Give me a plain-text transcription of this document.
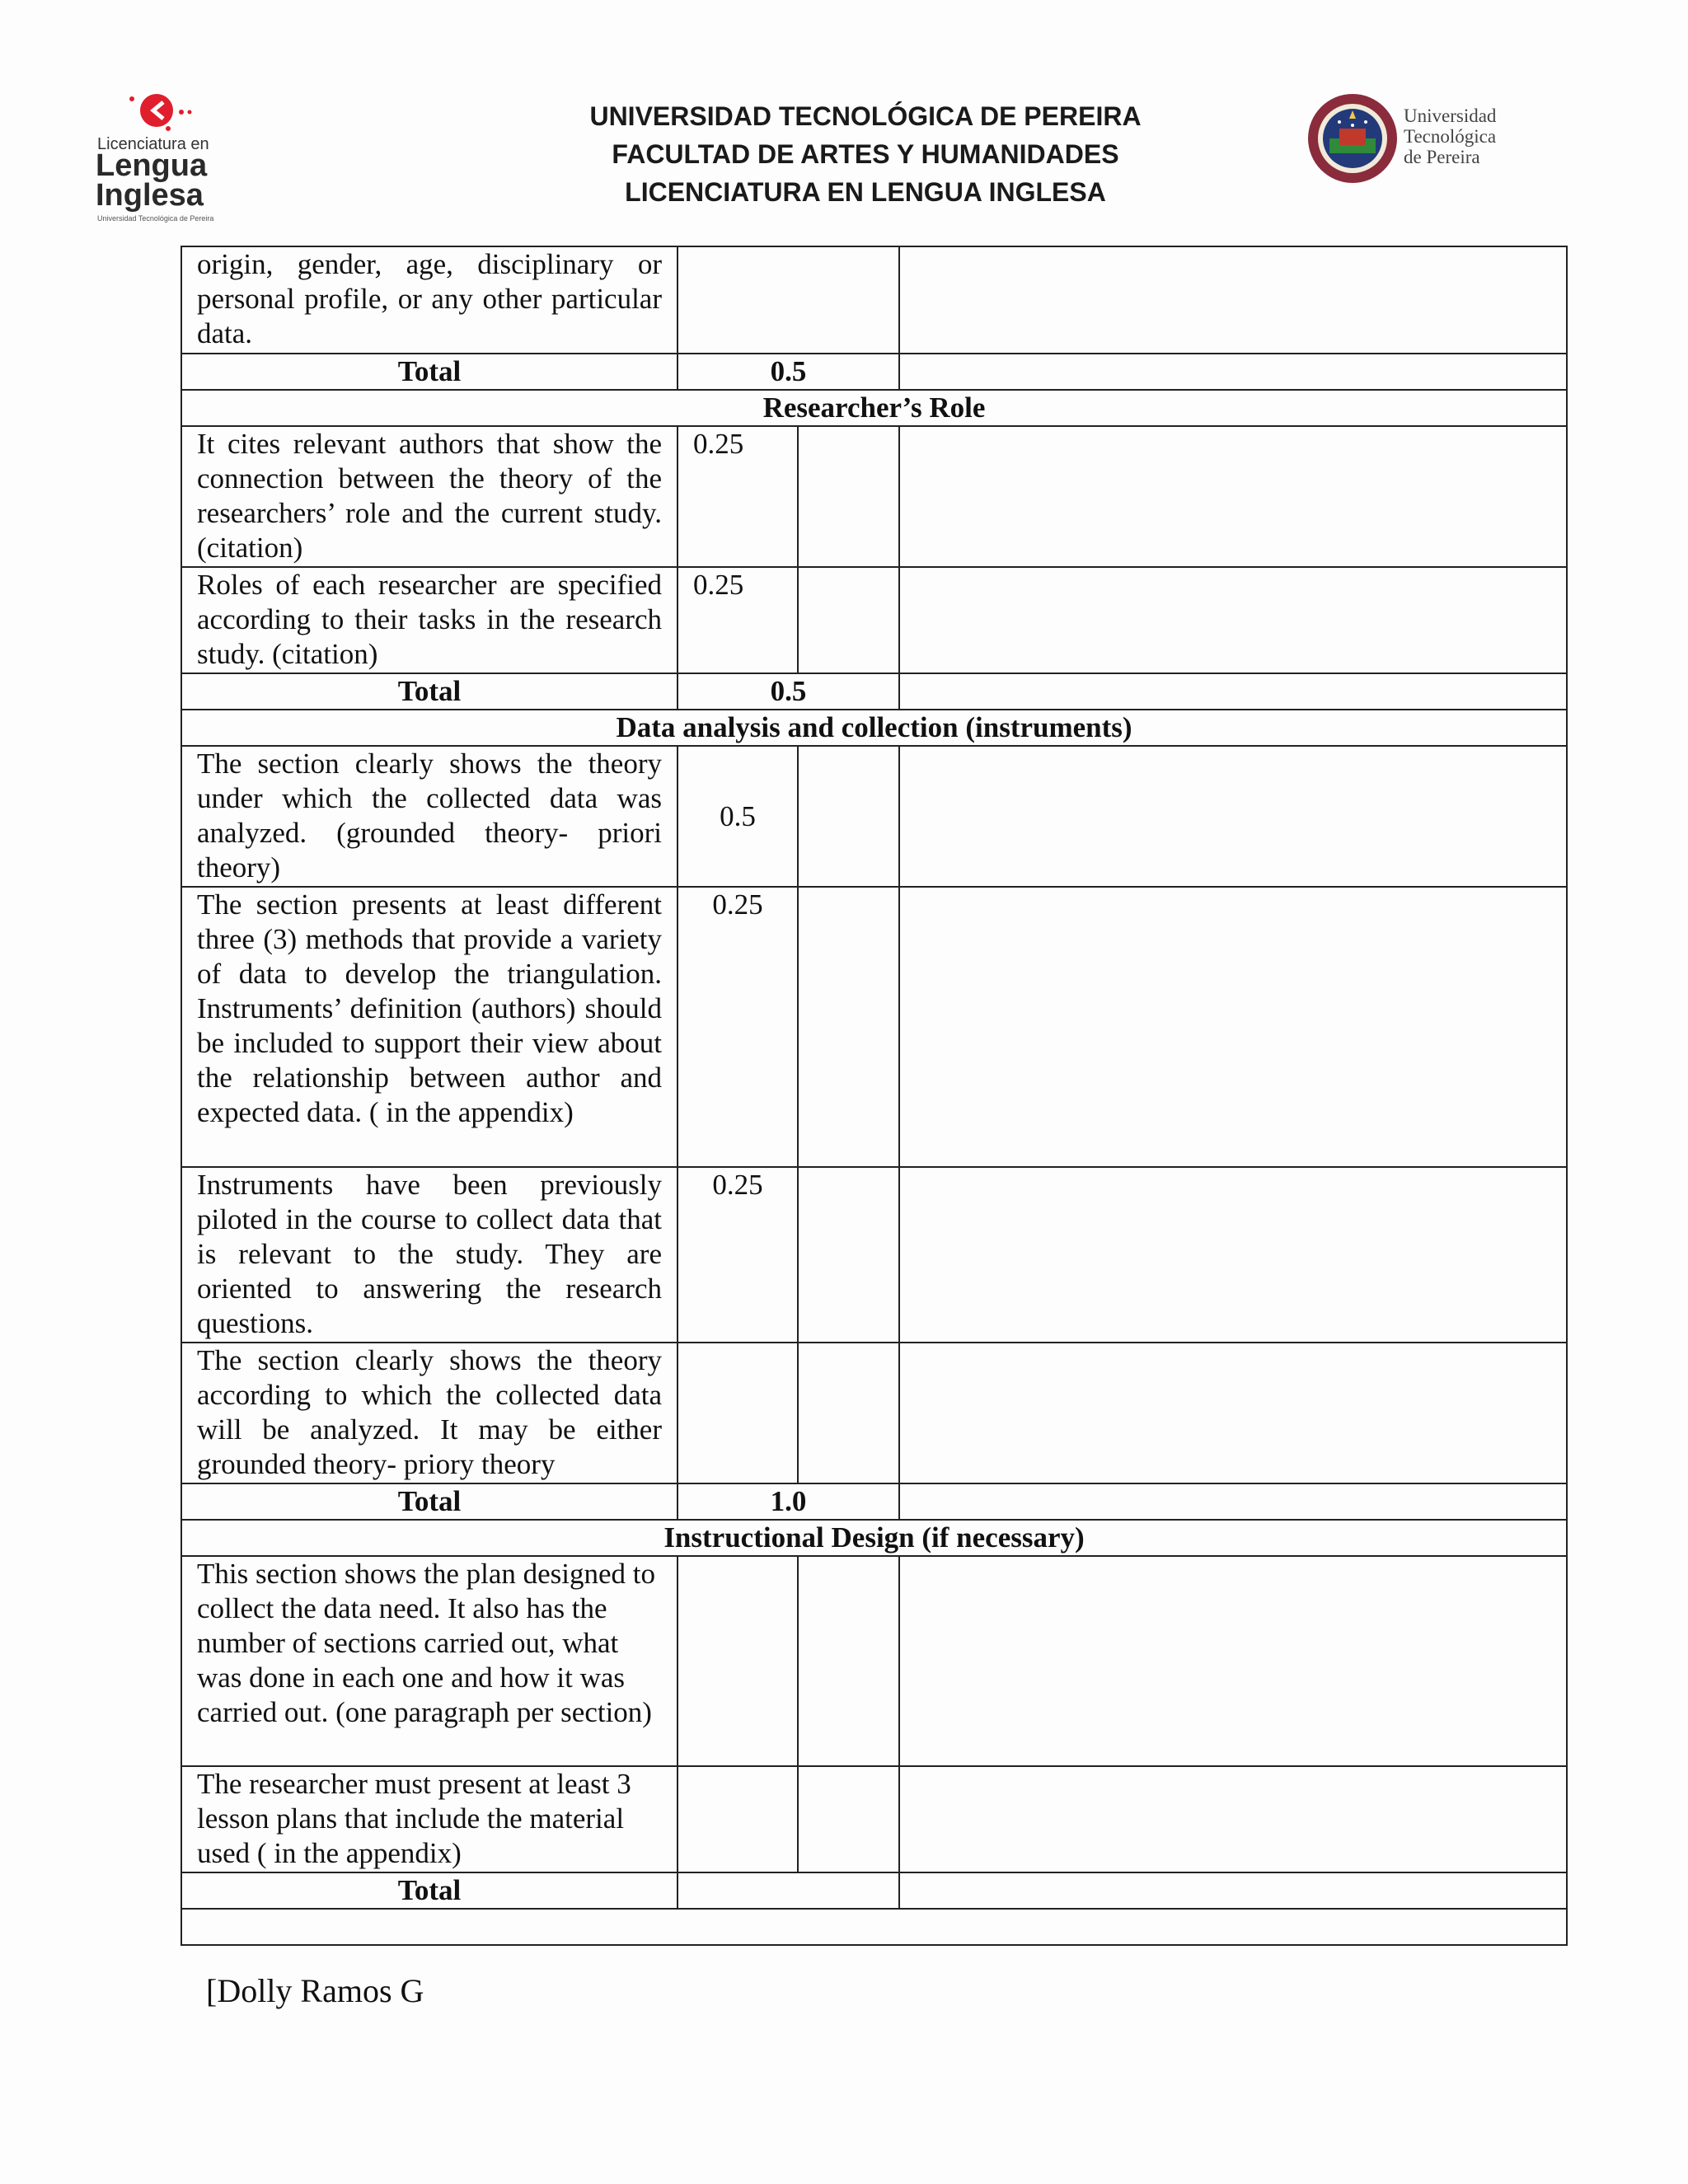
Licenciatura en
Lengua
Inglesa
Universidad Tecnológica de Pereira
UNIVERSIDAD TECNOLÓGICA DE PEREIRA
FACULTAD DE ARTES Y HUMANIDADES
LICENCIATURA EN LENGUA INGLESA
Universidad
Tecnológica
de Pereira
origin, gender, age, disciplinary or personal profile, or any other particular data.			
Total	0.5		
Researcher’s Role			
It cites relevant authors that show the connection between the theory of the researchers’ role and the current study. (citation)	0.25		
Roles of each researcher are specified according to their tasks in the research study. (citation)	0.25		
Total	0.5		
Data analysis and collection (instruments)			
The section clearly shows the theory under which the collected data was analyzed. (grounded theory- priori theory)	0.5		
The section presents at least different three (3) methods that provide a variety of data to develop the triangulation. Instruments’ definition (authors) should be included to support their view about the relationship between author and expected data. ( in the appendix)	0.25		
Instruments have been previously piloted in the course to collect data that is relevant to the study. They are oriented to answering the research questions.	0.25		
The section clearly shows the theory according to which the collected data will be analyzed. It may be either grounded theory- priory theory			
Total	1.0		
Instructional Design (if necessary)			
This section shows the plan designed to collect the data need. It also has the number of sections carried out, what was done in each one and how it was carried out. (one paragraph per section)			
The researcher must present at least 3 lesson plans that include the material used ( in the appendix)			
Total			

[Dolly Ramos G
